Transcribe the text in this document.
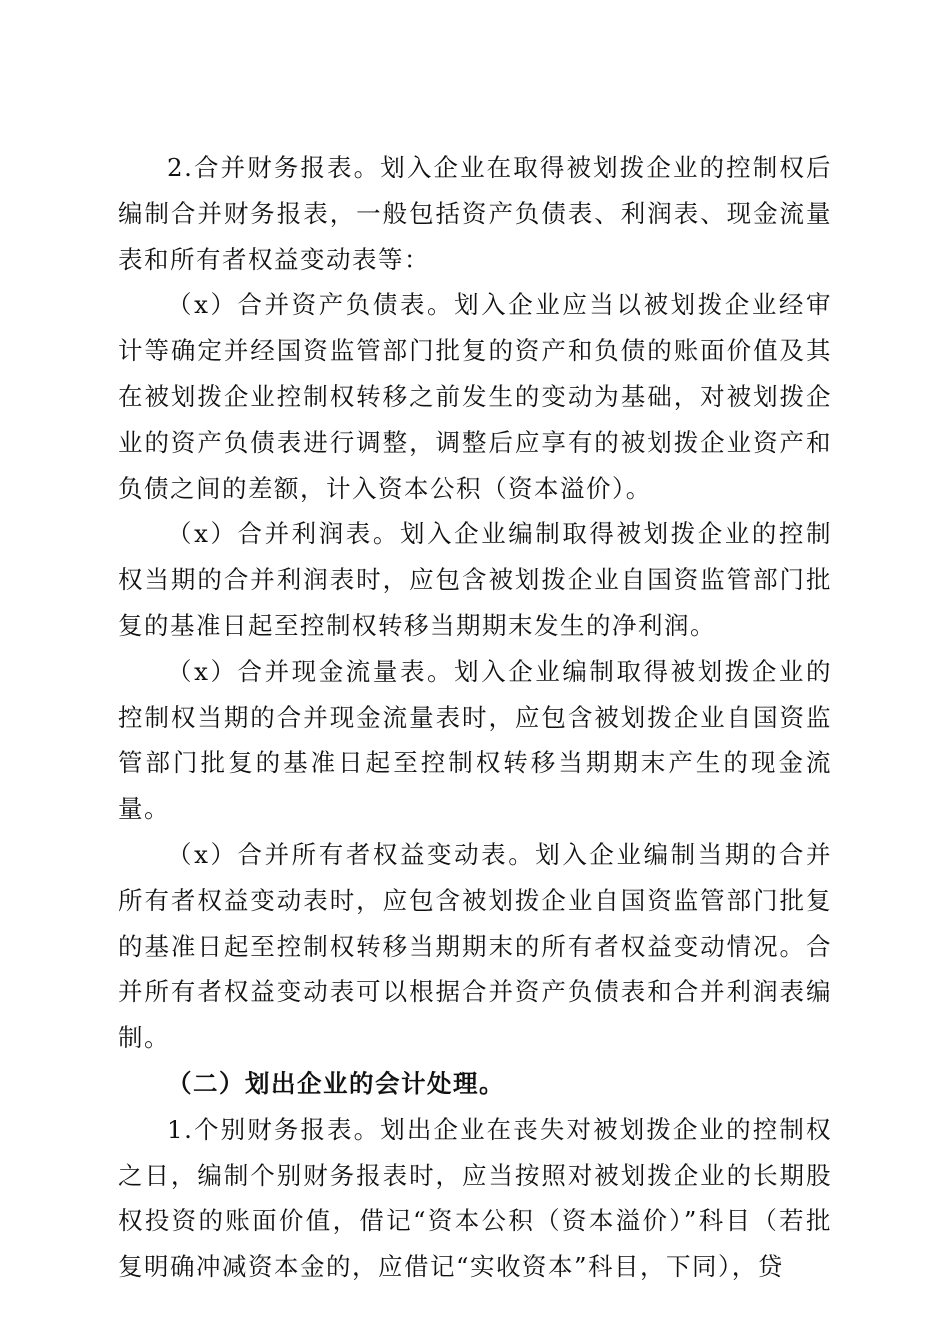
2.合并财务报表。划入企业在取得被划拨企业的控制权后编制合并财务报表，一般包括资产负债表、利润表、现金流量表和所有者权益变动表等：

（x）合并资产负债表。划入企业应当以被划拨企业经审计等确定并经国资监管部门批复的资产和负债的账面价值及其在被划拨企业控制权转移之前发生的变动为基础，对被划拨企业的资产负债表进行调整，调整后应享有的被划拨企业资产和负债之间的差额，计入资本公积（资本溢价）。

（x）合并利润表。划入企业编制取得被划拨企业的控制权当期的合并利润表时，应包含被划拨企业自国资监管部门批复的基准日起至控制权转移当期期末发生的净利润。

（x）合并现金流量表。划入企业编制取得被划拨企业的控制权当期的合并现金流量表时，应包含被划拨企业自国资监管部门批复的基准日起至控制权转移当期期末产生的现金流量。

（x）合并所有者权益变动表。划入企业编制当期的合并所有者权益变动表时，应包含被划拨企业自国资监管部门批复的基准日起至控制权转移当期期末的所有者权益变动情况。合并所有者权益变动表可以根据合并资产负债表和合并利润表编制。

（二）划出企业的会计处理。

1.个别财务报表。划出企业在丧失对被划拨企业的控制权之日，编制个别财务报表时，应当按照对被划拨企业的长期股权投资的账面价值，借记“资本公积（资本溢价）”科目（若批复明确冲减资本金的，应借记“实收资本”科目，下同），贷
